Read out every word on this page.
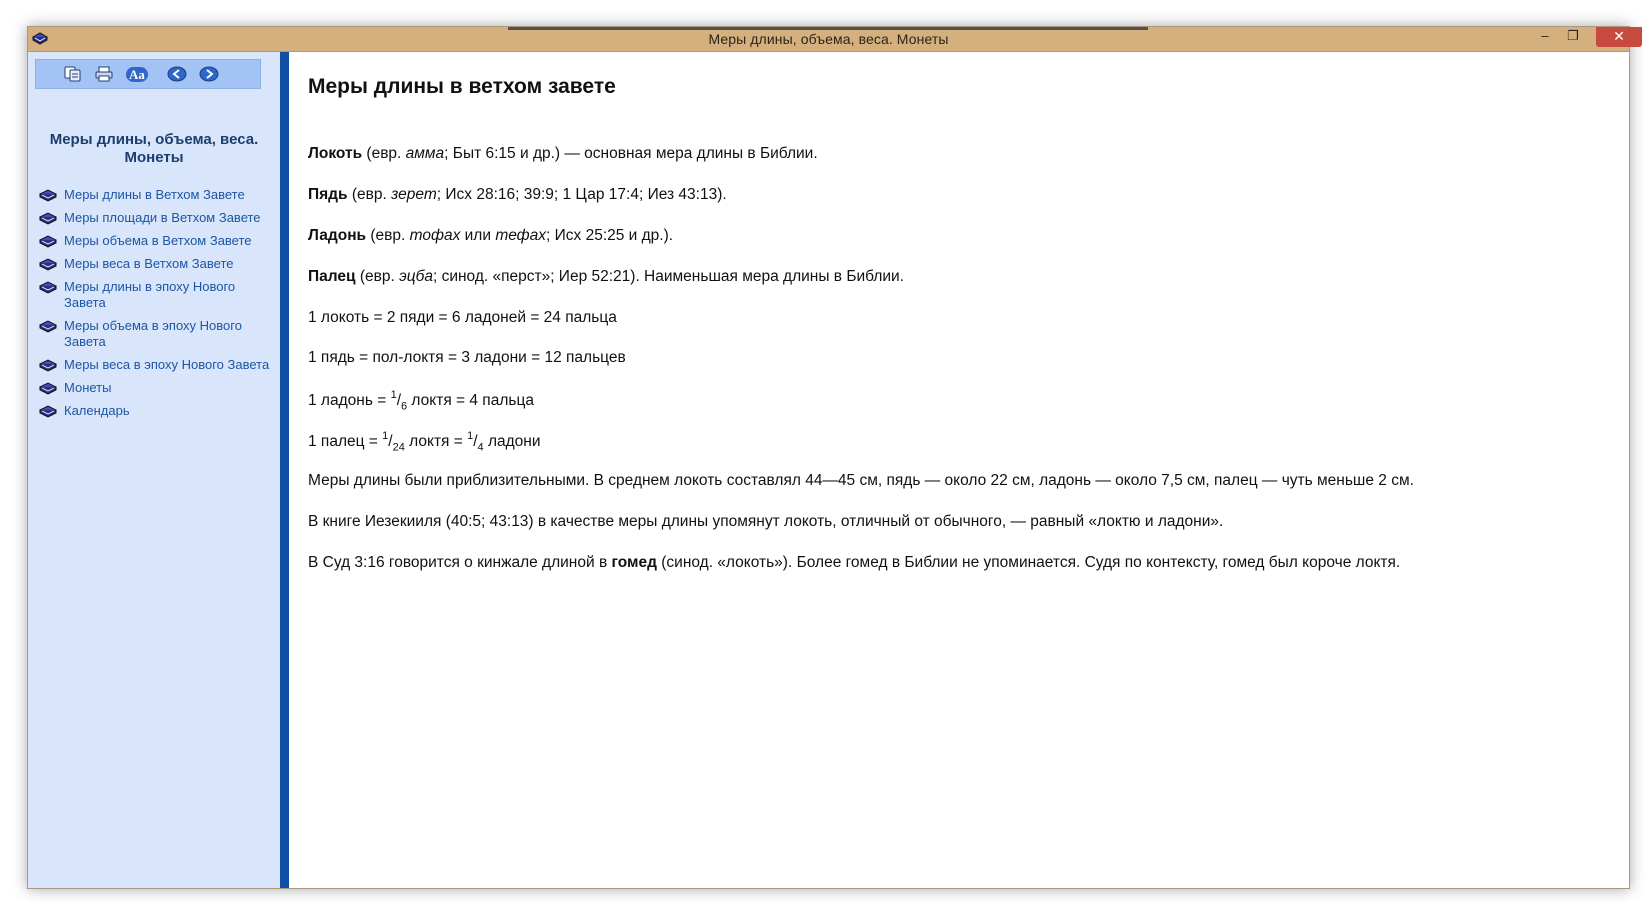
Меры длины, объема, веса. Монеты	–	❐	✕
Aa
Меры длины, объема, веса. Монеты
Меры длины в Ветхом Завете
Меры площади в Ветхом Завете
Меры объема в Ветхом Завете
Меры веса в Ветхом Завете
Меры длины в эпоху Нового Завета
Меры объема в эпоху Нового Завета
Меры веса в эпоху Нового Завета
Монеты
Календарь
Меры длины в ветхом завете

Локоть (евр. амма; Быт 6:15 и др.) — основная мера длины в Библии.

Пядь (евр. зерет; Исх 28:16; 39:9; 1 Цар 17:4; Иез 43:13).

Ладонь (евр. тофах или тефах; Исх 25:25 и др.).

Палец (евр. эцба; синод. «перст»; Иер 52:21). Наименьшая мера длины в Библии.

1 локоть = 2 пяди = 6 ладоней = 24 пальца

1 пядь = пол-локтя = 3 ладони = 12 пальцев

1 ладонь = $^1/_6$ локтя = 4 пальца

1 палец = $^1/_{24}$ локтя = $^1/_4$ ладони

Меры длины были приблизительными. В среднем локоть составлял 44—45 см, пядь — около 22 см, ладонь — около 7,5 см, палец — чуть меньше 2 см.

В книге Иезекииля (40:5; 43:13) в качестве меры длины упомянут локоть, отличный от обычного, — равный «локтю и ладони».

В Суд 3:16 говорится о кинжале длиной в гомед (синод. «локоть»). Более гомед в Библии не упоминается. Судя по контексту, гомед был короче локтя.
